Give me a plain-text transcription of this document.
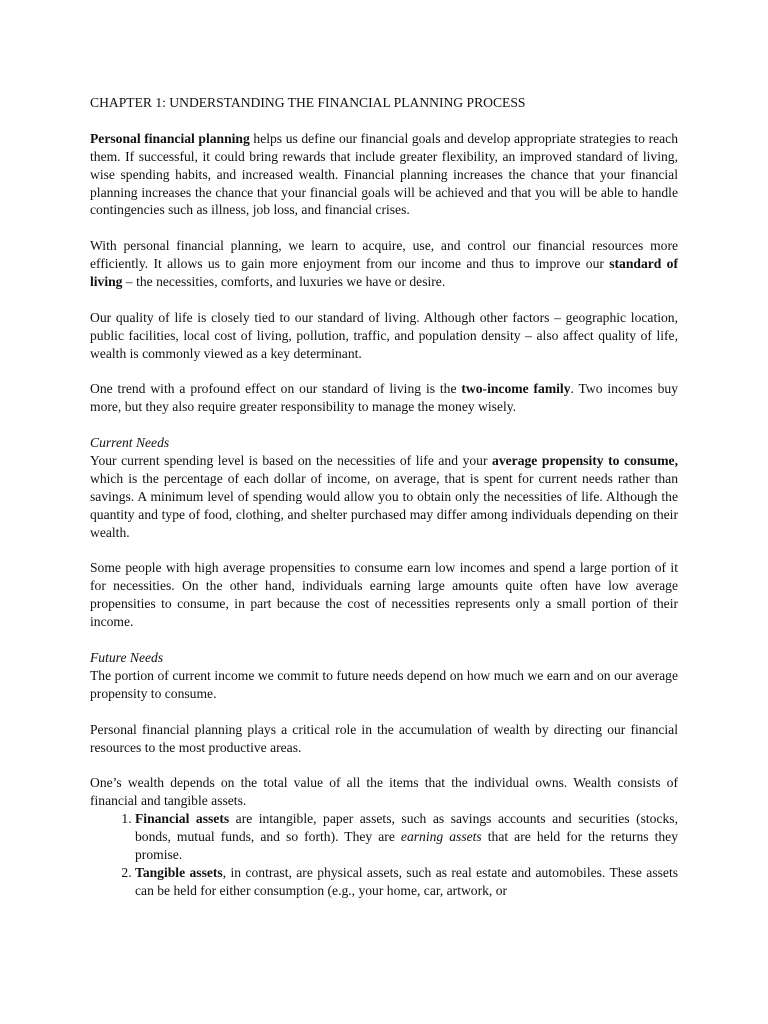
CHAPTER 1: UNDERSTANDING THE FINANCIAL PLANNING PROCESS

Personal financial planning helps us define our financial goals and develop appropriate strategies to reach them. If successful, it could bring rewards that include greater flexibility, an improved standard of living, wise spending habits, and increased wealth. Financial planning increases the chance that your financial planning increases the chance that your financial goals will be achieved and that you will be able to handle contingencies such as illness, job loss, and financial crises.

With personal financial planning, we learn to acquire, use, and control our financial resources more efficiently. It allows us to gain more enjoyment from our income and thus to improve our standard of living – the necessities, comforts, and luxuries we have or desire.

Our quality of life is closely tied to our standard of living. Although other factors – geographic location, public facilities, local cost of living, pollution, traffic, and population density – also affect quality of life, wealth is commonly viewed as a key determinant.

One trend with a profound effect on our standard of living is the two-income family. Two incomes buy more, but they also require greater responsibility to manage the money wisely.

Current Needs

Your current spending level is based on the necessities of life and your average propensity to consume, which is the percentage of each dollar of income, on average, that is spent for current needs rather than savings. A minimum level of spending would allow you to obtain only the necessities of life. Although the quantity and type of food, clothing, and shelter purchased may differ among individuals depending on their wealth.

Some people with high average propensities to consume earn low incomes and spend a large portion of it for necessities. On the other hand, individuals earning large amounts quite often have low average propensities to consume, in part because the cost of necessities represents only a small portion of their income.

Future Needs

The portion of current income we commit to future needs depend on how much we earn and on our average propensity to consume.

Personal financial planning plays a critical role in the accumulation of wealth by directing our financial resources to the most productive areas.

One’s wealth depends on the total value of all the items that the individual owns. Wealth consists of financial and tangible assets.

1. Financial assets are intangible, paper assets, such as savings accounts and securities (stocks, bonds, mutual funds, and so forth). They are earning assets that are held for the returns they promise.
2. Tangible assets, in contrast, are physical assets, such as real estate and automobiles. These assets can be held for either consumption (e.g., your home, car, artwork, or
